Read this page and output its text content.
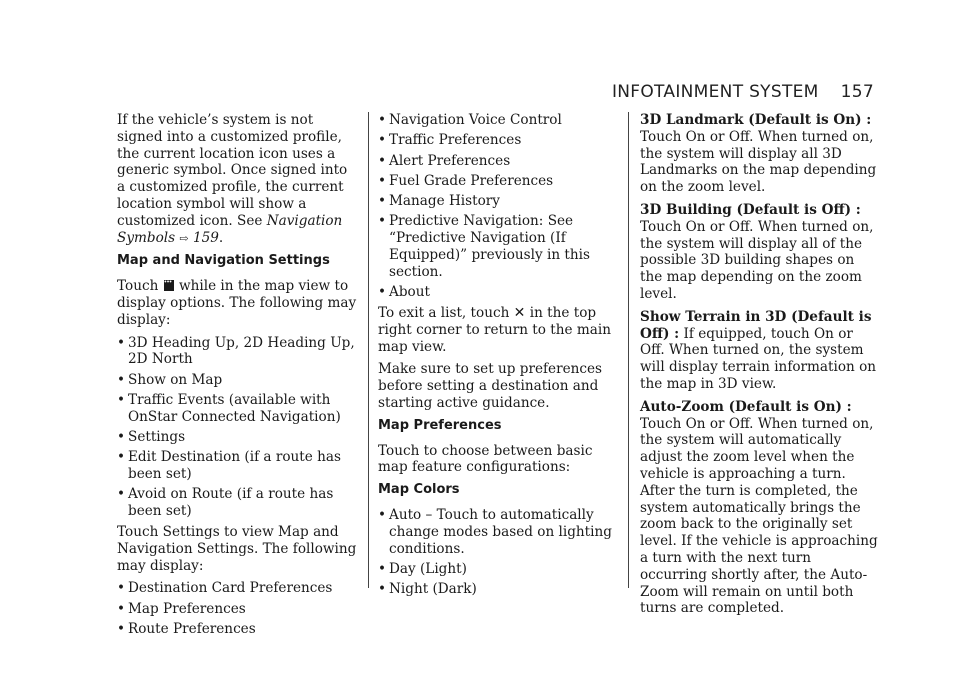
INFOTAINMENT SYSTEM 157

If the vehicle’s system is not signed into a customized profile, the current location icon uses a generic symbol. Once signed into a customized profile, the current location symbol will show a customized icon. See Navigation Symbols ⇨ 159.

Map and Navigation Settings

Touch ••• while in the map view to display options. The following may display:

• 3D Heading Up, 2D Heading Up, 2D North
• Show on Map
• Traffic Events (available with OnStar Connected Navigation)
• Settings
• Edit Destination (if a route has been set)
• Avoid on Route (if a route has been set)

Touch Settings to view Map and Navigation Settings. The following may display:

• Destination Card Preferences
• Map Preferences
• Route Preferences
• Navigation Voice Control
• Traffic Preferences
• Alert Preferences
• Fuel Grade Preferences
• Manage History
• Predictive Navigation: See “Predictive Navigation (If Equipped)” previously in this section.
• About

To exit a list, touch ✕ in the top right corner to return to the main map view.

Make sure to set up preferences before setting a destination and starting active guidance.

Map Preferences

Touch to choose between basic map feature configurations:

Map Colors
• Auto – Touch to automatically change modes based on lighting conditions.
• Day (Light)
• Night (Dark)

3D Landmark (Default is On) : Touch On or Off. When turned on, the system will display all 3D Landmarks on the map depending on the zoom level.

3D Building (Default is Off) : Touch On or Off. When turned on, the system will display all of the possible 3D building shapes on the map depending on the zoom level.

Show Terrain in 3D (Default is Off) : If equipped, touch On or Off. When turned on, the system will display terrain information on the map in 3D view.

Auto-Zoom (Default is On) : Touch On or Off. When turned on, the system will automatically adjust the zoom level when the vehicle is approaching a turn. After the turn is completed, the system automatically brings the zoom back to the originally set level. If the vehicle is approaching a turn with the next turn occurring shortly after, the Auto-Zoom will remain on until both turns are completed.
